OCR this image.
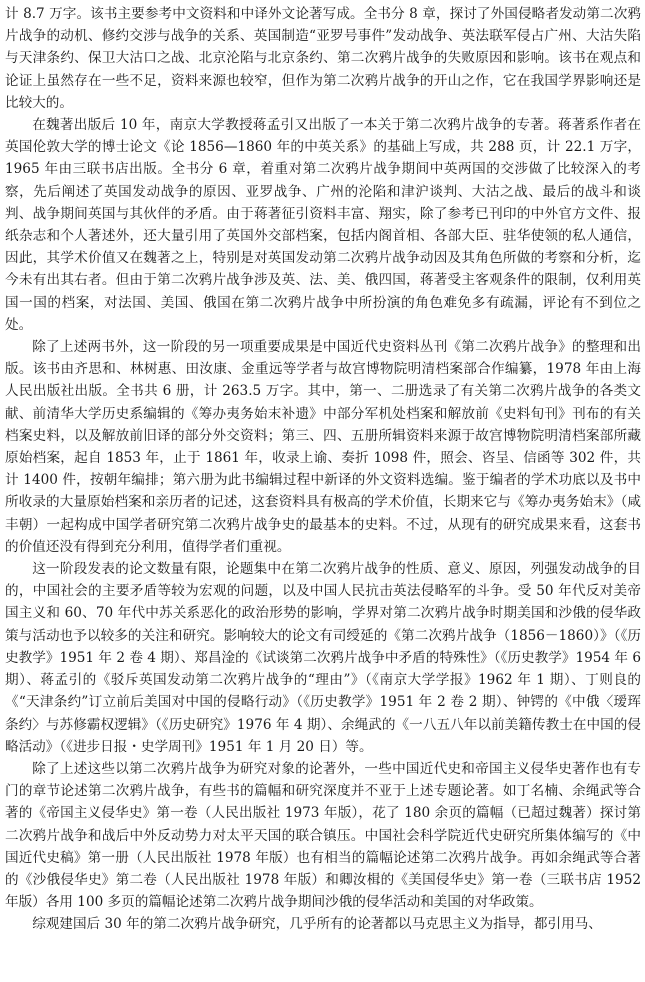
计 8.7 万字。该书主要参考中文资料和中译外文论著写成。全书分 8 章，探讨了外国侵略者发动第二次鸦片战争的动机、修约交涉与战争的关系、英国制造“亚罗号事件”发动战争、英法联军侵占广州、大沽失陷与天津条约、保卫大沽口之战、北京沦陷与北京条约、第二次鸦片战争的失败原因和影响。该书在观点和论证上虽然存在一些不足，资料来源也较窄，但作为第二次鸦片战争的开山之作，它在我国学界影响还是比较大的。

在魏著出版后 10 年，南京大学教授蒋孟引又出版了一本关于第二次鸦片战争的专著。蒋著系作者在英国伦敦大学的博士论文《论 1856—1860 年的中英关系》的基础上写成，共 288 页，计 22.1 万字，1965 年由三联书店出版。全书分 6 章，着重对第二次鸦片战争期间中英两国的交涉做了比较深入的考察，先后阐述了英国发动战争的原因、亚罗战争、广州的沦陷和津沪谈判、大沽之战、最后的战斗和谈判、战争期间英国与其伙伴的矛盾。由于蒋著征引资料丰富、翔实，除了参考已刊印的中外官方文件、报纸杂志和个人著述外，还大量引用了英国外交部档案，包括内阁首相、各部大臣、驻华使领的私人通信，因此，其学术价值又在魏著之上，特别是对英国发动第二次鸦片战争动因及其角色所做的考察和分析，迄今未有出其右者。但由于第二次鸦片战争涉及英、法、美、俄四国，蒋著受主客观条件的限制，仅利用英国一国的档案，对法国、美国、俄国在第二次鸦片战争中所扮演的角色难免多有疏漏，评论有不到位之处。

除了上述两书外，这一阶段的另一项重要成果是中国近代史资料丛刊《第二次鸦片战争》的整理和出版。该书由齐思和、林树惠、田汝康、金重远等学者与故宫博物院明清档案部合作编纂，1978 年由上海人民出版社出版。全书共 6 册，计 263.5 万字。其中，第一、二册选录了有关第二次鸦片战争的各类文献、前清华大学历史系编辑的《筹办夷务始末补遗》中部分军机处档案和解放前《史料旬刊》刊布的有关档案史料，以及解放前旧译的部分外交资料；第三、四、五册所辑资料来源于故宫博物院明清档案部所藏原始档案，起自 1853 年，止于 1861 年，收录上谕、奏折 1098 件，照会、咨呈、信函等 302 件，共计 1400 件，按朝年编排；第六册为此书编辑过程中新译的外文资料选编。鉴于编者的学术功底以及书中所收录的大量原始档案和亲历者的记述，这套资料具有极高的学术价值，长期来它与《筹办夷务始末》（咸丰朝）一起构成中国学者研究第二次鸦片战争史的最基本的史料。不过，从现有的研究成果来看，这套书的价值还没有得到充分利用，值得学者们重视。

这一阶段发表的论文数量有限，论题集中在第二次鸦片战争的性质、意义、原因，列强发动战争的目的，中国社会的主要矛盾等较为宏观的问题，以及中国人民抗击英法侵略军的斗争。受 50 年代反对美帝国主义和 60、70 年代中苏关系恶化的政治形势的影响，学界对第二次鸦片战争时期美国和沙俄的侵华政策与活动也予以较多的关注和研究。影响较大的论文有司绶延的《第二次鸦片战争（1856－1860）》（《历史教学》1951 年 2 卷 4 期）、郑昌淦的《试谈第二次鸦片战争中矛盾的特殊性》（《历史教学》1954 年 6 期）、蒋孟引的《驳斥英国发动第二次鸦片战争的“理由”》（《南京大学学报》1962 年 1 期）、丁则良的《“天津条约”订立前后美国对中国的侵略行动》（《历史教学》1951 年 2 卷 2 期）、钟锷的《中俄〈瑷珲条约〉与苏修霸权逻辑》（《历史研究》1976 年 4 期）、余绳武的《一八五八年以前美籍传教士在中国的侵略活动》（《进步日报・史学周刊》1951 年 1 月 20 日）等。

除了上述这些以第二次鸦片战争为研究对象的论著外，一些中国近代史和帝国主义侵华史著作也有专门的章节论述第二次鸦片战争，有些书的篇幅和研究深度并不亚于上述专题论著。如丁名楠、余绳武等合著的《帝国主义侵华史》第一卷（人民出版社 1973 年版），花了 180 余页的篇幅（已超过魏著）探讨第二次鸦片战争和战后中外反动势力对太平天国的联合镇压。中国社会科学院近代史研究所集体编写的《中国近代史稿》第一册（人民出版社 1978 年版）也有相当的篇幅论述第二次鸦片战争。再如余绳武等合著的《沙俄侵华史》第二卷（人民出版社 1978 年版）和卿汝楫的《美国侵华史》第一卷（三联书店 1952 年版）各用 100 多页的篇幅论述第二次鸦片战争期间沙俄的侵华活动和美国的对华政策。

综观建国后 30 年的第二次鸦片战争研究，几乎所有的论著都以马克思主义为指导，都引用马、
